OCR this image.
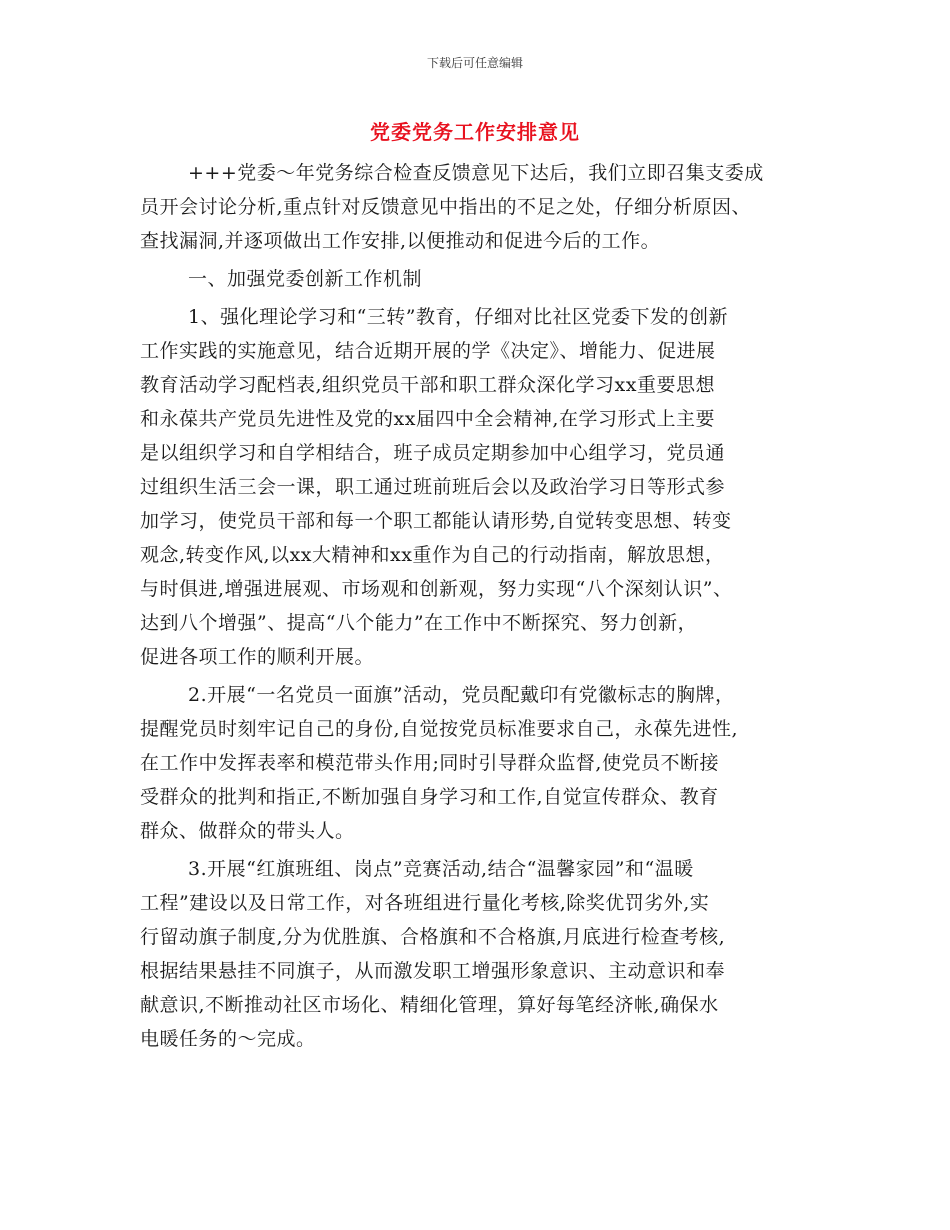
下载后可任意编辑
党委党务工作安排意见
+++党委～年党务综合检查反馈意见下达后，我们立即召集支委成
员开会讨论分析,重点针对反馈意见中指出的不足之处，仔细分析原因、
查找漏洞,并逐项做出工作安排,以便推动和促进今后的工作。
一、加强党委创新工作机制
1、强化理论学习和“三转”教育，仔细对比社区党委下发的创新
工作实践的实施意见，结合近期开展的学《决定》、增能力、促进展
教育活动学习配档表,组织党员干部和职工群众深化学习xx重要思想
和永葆共产党员先进性及党的xx届四中全会精神,在学习形式上主要
是以组织学习和自学相结合，班子成员定期参加中心组学习，党员通
过组织生活三会一课，职工通过班前班后会以及政治学习日等形式参
加学习，使党员干部和每一个职工都能认请形势,自觉转变思想、转变
观念,转变作风,以xx大精神和xx重作为自己的行动指南，解放思想，
与时俱进,增强进展观、市场观和创新观，努力实现“八个深刻认识”、
达到八个增强”、提高“八个能力”在工作中不断探究、努力创新，
促进各项工作的顺利开展。
2.开展“一名党员一面旗”活动，党员配戴印有党徽标志的胸牌，
提醒党员时刻牢记自己的身份,自觉按党员标准要求自己，永葆先进性,
在工作中发挥表率和模范带头作用;同时引导群众监督,使党员不断接
受群众的批判和指正,不断加强自身学习和工作,自觉宣传群众、教育
群众、做群众的带头人。
3.开展“红旗班组、岗点”竞赛活动,结合“温馨家园”和“温暖
工程”建设以及日常工作，对各班组进行量化考核,除奖优罚劣外,实
行留动旗子制度,分为优胜旗、合格旗和不合格旗,月底进行检查考核,
根据结果悬挂不同旗子，从而激发职工增强形象意识、主动意识和奉
献意识,不断推动社区市场化、精细化管理，算好每笔经济帐,确保水
电暖任务的～完成。
